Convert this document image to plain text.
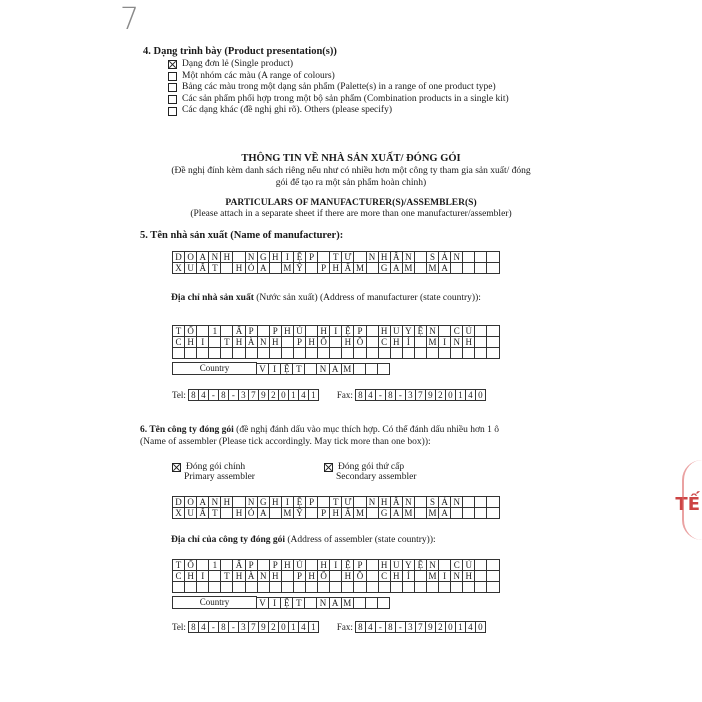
7
4. Dạng trình bày (Product presentation(s))
Dạng đơn lẻ (Single product)
Một nhóm các màu (A range of colours)
Bảng các màu trong một dạng sản phẩm (Palette(s) in a range of one product type)
Các sản phẩm phối hợp trong một bộ sản phẩm (Combination products in a single kit)
Các dạng khác (đề nghị ghi rõ). Others (please specify)
THÔNG TIN VỀ NHÀ SẢN XUẤT/ ĐÓNG GÓI
(Đề nghị đính kèm danh sách riêng nếu như có nhiều hơn một công ty tham gia sản xuất/ đóng
gói để tạo ra một sản phẩm hoàn chỉnh)
PARTICULARS OF MANUFACTURER(S)/ASSEMBLER(S)
(Please attach in a separate sheet if there are more than one manufacturer/assembler)
5. Tên nhà sản xuất (Name of manufacturer):
D O A N H	N G H I Ệ P	T Ư	N H Â N	S Ả N
X U Ấ T	H Ó A	M Ỹ	P H Ẩ M G A M M A
Địa chỉ nhà sản xuất (Nước sản xuất) (Address of manufacturer (state country)):
T Ổ	1	Ấ P	P H Ú	H I Ệ P	H U Y Ệ N	C Ủ
C H I	T H À N H	P H Ố	H Ồ	C H Í	M I N H
Country	V I Ệ T	N A M
Tel: 8 4 - 8 - 3 7 9 2 0 1 4 1	Fax: 8 4 - 8 - 3 7 9 2 0 1 4 0
6. Tên công ty đóng gói (đề nghị đánh dấu vào mục thích hợp. Có thể đánh dấu nhiều hơn 1 ô
(Name of assembler (Please tick accordingly. May tick more than one box)):
Đóng gói chính
Primary assembler
Đóng gói thứ cấp
Secondary assembler
D O A N H	N G H I Ệ P	T Ư	N H Â N	S Ả N
X U Ấ T	H Ó A	M Ỹ	P H Ẩ M G A M M A
Địa chỉ của công ty đóng gói (Address of assembler (state country)):
T Ổ	1	Ấ P	P H Ú	H I Ệ P	H U Y Ệ N	C Ủ
C H I	T H À N H	P H Ố	H Ồ	C H Í	M I N H
Country	V I Ệ T	N A M
Tel: 8 4 - 8 - 3 7 9 2 0 1 4 1	Fax: 8 4 - 8 - 3 7 9 2 0 1 4 0
TẾ
